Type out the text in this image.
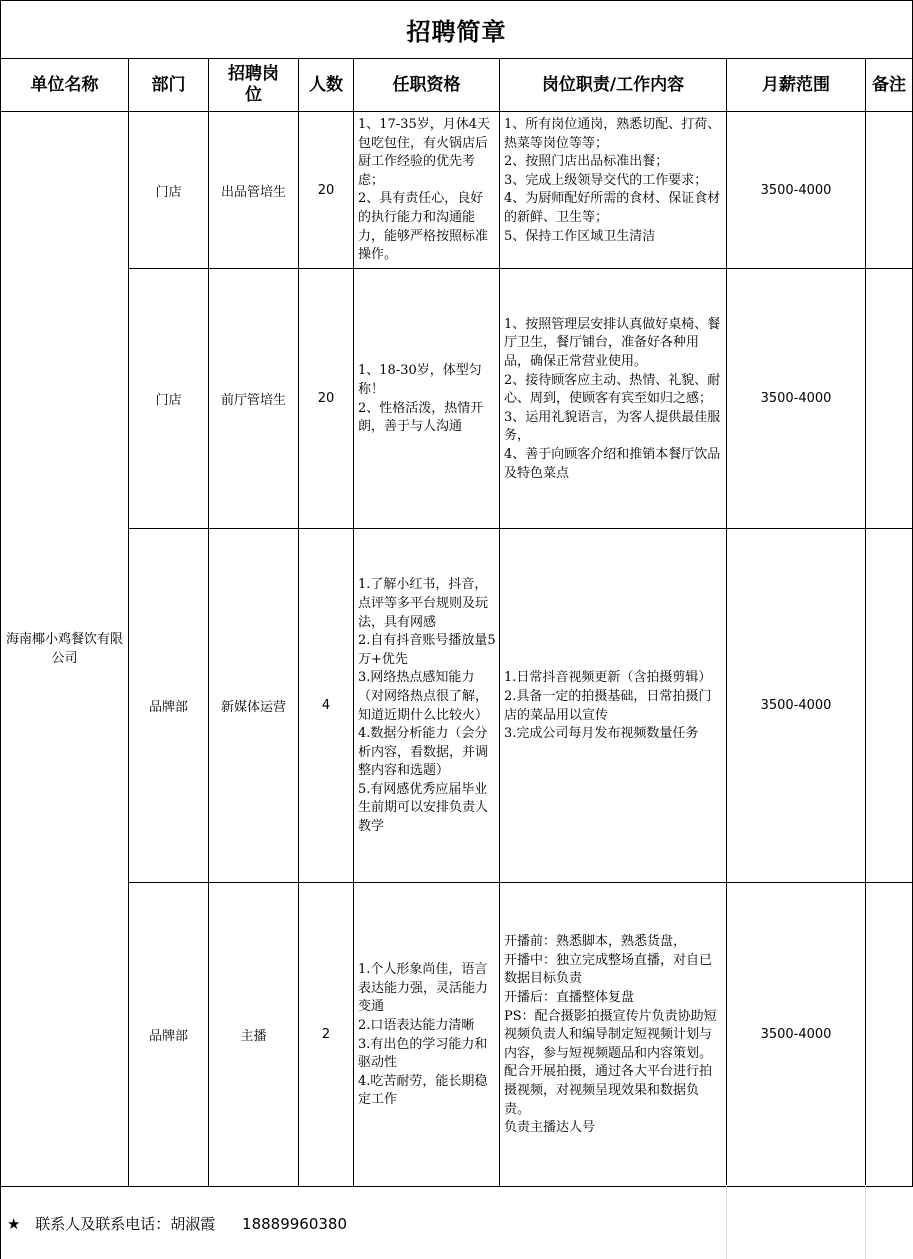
招聘简章							
单位名称	部门	招聘岗位	人数	任职资格	岗位职责/工作内容	月薪范围	备注
海南椰小鸡餐饮有限公司	门店	出品管培生	20	1、17-35岁，月休4天　包吃包住，有火锅店后厨工作经验的优先考虑；
2、具有责任心，良好的执行能力和沟通能力，能够严格按照标准操作。	1、所有岗位通岗，熟悉切配、打荷、热菜等岗位等等；
2、按照门店出品标准出餐；
3、完成上级领导交代的工作要求；
4、为厨师配好所需的食材、保证食材的新鲜、卫生等；
5、保持工作区域卫生清洁	3500-4000	
	门店	前厅管培生	20	1、18-30岁，体型匀称！
2、性格活泼，热情开朗，善于与人沟通	1、按照管理层安排认真做好桌椅、餐厅卫生，餐厅铺台，准备好各种用品，确保正常营业使用。
2、接待顾客应主动、热情、礼貌、耐心、周到，使顾客有宾至如归之感；
3、运用礼貌语言，为客人提供最佳服务，
4、善于向顾客介绍和推销本餐厅饮品及特色菜点	3500-4000	
	品牌部	新媒体运营	4	1.了解小红书，抖音，点评等多平台规则及玩法，具有网感
2.自有抖音账号播放量5万+优先
3.网络热点感知能力（对网络热点很了解，知道近期什么比较火）
4.数据分析能力（会分析内容，看数据，并调整内容和选题）
5.有网感优秀应届毕业生前期可以安排负责人教学	1.日常抖音视频更新（含拍摄剪辑）
2.具备一定的拍摄基础，日常拍摄门店的菜品用以宣传
3.完成公司每月发布视频数量任务	3500-4000	
	品牌部	主播	2	1.个人形象尚佳，语言表达能力强，灵活能力变通
2.口语表达能力清晰
3.有出色的学习能力和驱动性
4.吃苦耐劳，能长期稳定工作	开播前：熟悉脚本，熟悉货盘，
开播中：独立完成整场直播，对自已数据目标负责
开播后：直播整体复盘
PS：配合摄影拍摄宣传片负责协助短视频负责人和编导制定短视频计划与内容，参与短视频题品和内容策划。配合开展拍摄，通过各大平台进行拍摄视频，对视频呈现效果和数据负责。
负责主播达人号	3500-4000	
★ 联系人及联系电话：胡淑霞 18889960380
